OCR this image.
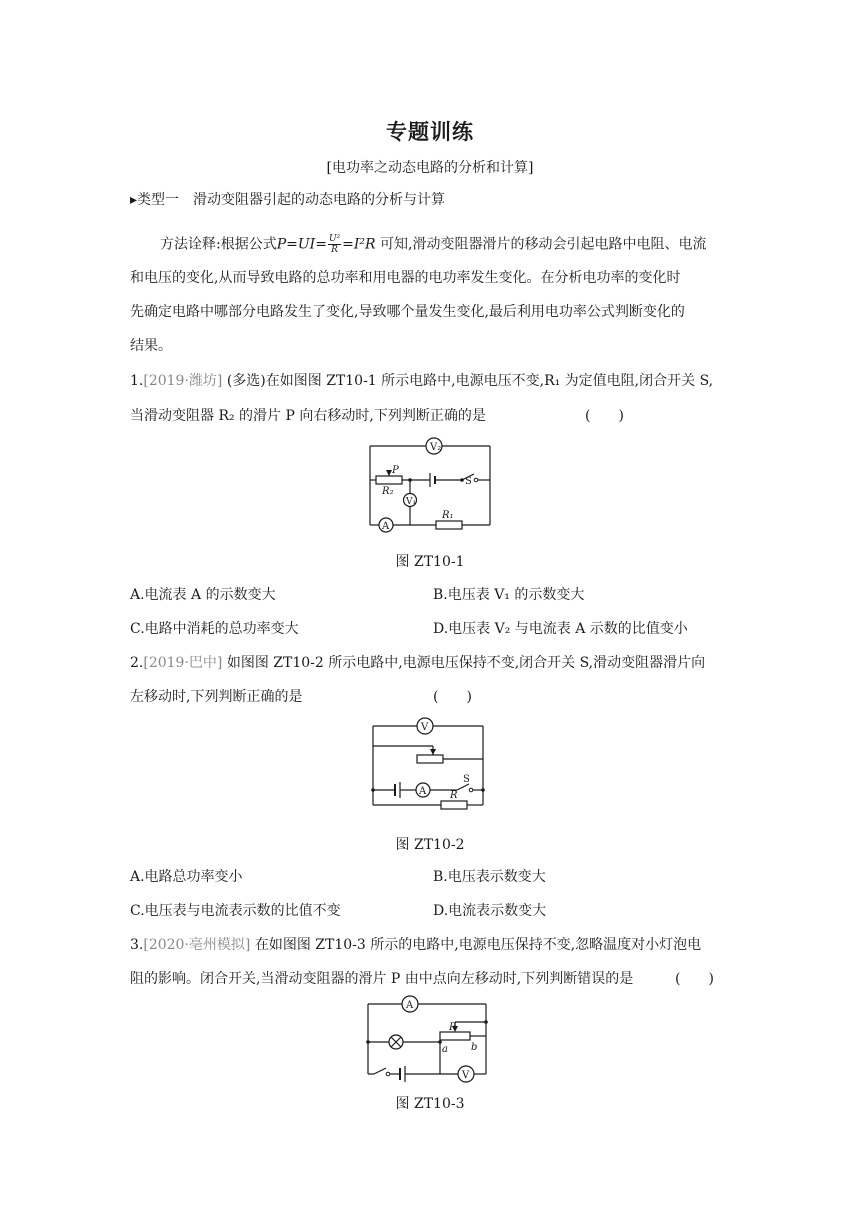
专题训练
[电功率之动态电路的分析和计算]
▸类型一　滑动变阻器引起的动态电路的分析与计算
方法诠释:根据公式$P=UI= \frac{\text{U²}}{R} =I^2R$ 可知,滑动变阻器滑片的移动会引起电路中电阻、电流
和电压的变化,从而导致电路的总功率和用电器的电功率发生变化。在分析电功率的变化时
先确定电路中哪部分电路发生了变化,导致哪个量发生变化,最后利用电功率公式判断变化的
结果。
1.[2019·潍坊] (多选)在如图图 ZT10-1 所示电路中,电源电压不变,R₁ 为定值电阻,闭合开关 S,
当滑动变阻器 R₂ 的滑片 P 向右移动时,下列判断正确的是	(　　)
V₂
P
R₂
V₁
S
A
R₁
图 ZT10-1
A.电流表 A 的示数变大	B.电压表 V₁ 的示数变大
C.电路中消耗的总功率变大	D.电压表 V₂ 与电流表 A 示数的比值变小
2.[2019·巴中] 如图图 ZT10-2 所示电路中,电源电压保持不变,闭合开关 S,滑动变阻器滑片向
左移动时,下列判断正确的是	(　　)
V
A
S
R
图 ZT10-2
A.电路总功率变小	B.电压表示数变大
C.电压表与电流表示数的比值不变	D.电流表示数变大
3.[2020·亳州模拟] 在如图图 ZT10-3 所示的电路中,电源电压保持不变,忽略温度对小灯泡电
阻的影响。闭合开关,当滑动变阻器的滑片 P 由中点向左移动时,下列判断错误的是	(　　)
A
P
a b
V
图 ZT10-3
